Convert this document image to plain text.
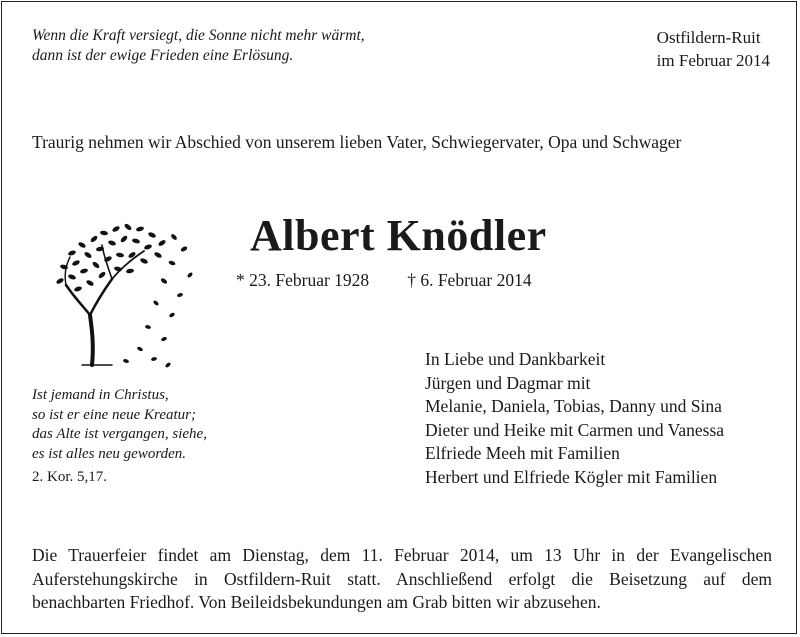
Wenn die Kraft versiegt, die Sonne nicht mehr wärmt,
dann ist der ewige Frieden eine Erlösung.
Ostfildern-Ruit
im Februar 2014
Traurig nehmen wir Abschied von unserem lieben Vater, Schwiegervater, Opa und Schwager
Albert Knödler
* 23. Februar 1928 † 6. Februar 2014
Ist jemand in Christus,
so ist er eine neue Kreatur;
das Alte ist vergangen, siehe,
es ist alles neu geworden.
2. Kor. 5,17.
In Liebe und Dankbarkeit
Jürgen und Dagmar mit
Melanie, Daniela, Tobias, Danny und Sina
Dieter und Heike mit Carmen und Vanessa
Elfriede Meeh mit Familien
Herbert und Elfriede Kögler mit Familien
Die Trauerfeier findet am Dienstag, dem 11. Februar 2014, um 13 Uhr in der Evangelischen
Auferstehungskirche in Ostfildern-Ruit statt. Anschließend erfolgt die Beisetzung auf dem
benachbarten Friedhof. Von Beileidsbekundungen am Grab bitten wir abzusehen.
